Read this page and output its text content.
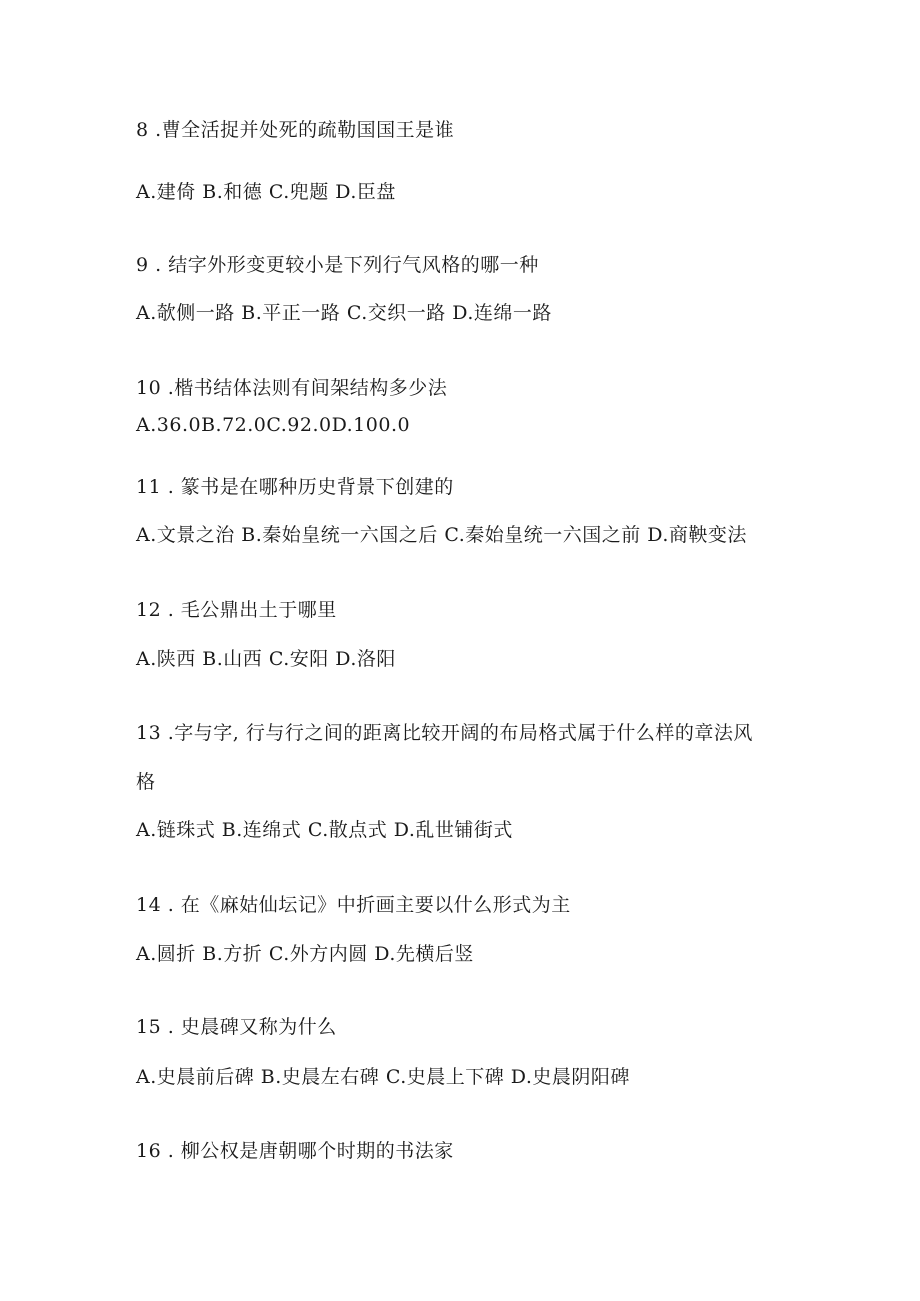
8 .曹全活捉并处死的疏勒国国王是谁
A.建倚 B.和德 C.兜题 D.臣盘
9 . 结字外形变更较小是下列行气风格的哪一种
A.欹侧一路 B.平正一路 C.交织一路 D.连绵一路
10 .楷书结体法则有间架结构多少法
A.36.0B.72.0C.92.0D.100.0
11 . 篆书是在哪种历史背景下创建的
A.文景之治 B.秦始皇统一六国之后 C.秦始皇统一六国之前 D.商鞅变法
12 . 毛公鼎出土于哪里
A.陕西 B.山西 C.安阳 D.洛阳
13 .字与字, 行与行之间的距离比较开阔的布局格式属于什么样的章法风
格
A.链珠式 B.连绵式 C.散点式 D.乱世铺街式
14 . 在《麻姑仙坛记》中折画主要以什么形式为主
A.圆折 B.方折 C.外方内圆 D.先横后竖
15 . 史晨碑又称为什么
A.史晨前后碑 B.史晨左右碑 C.史晨上下碑 D.史晨阴阳碑
16 . 柳公权是唐朝哪个时期的书法家
